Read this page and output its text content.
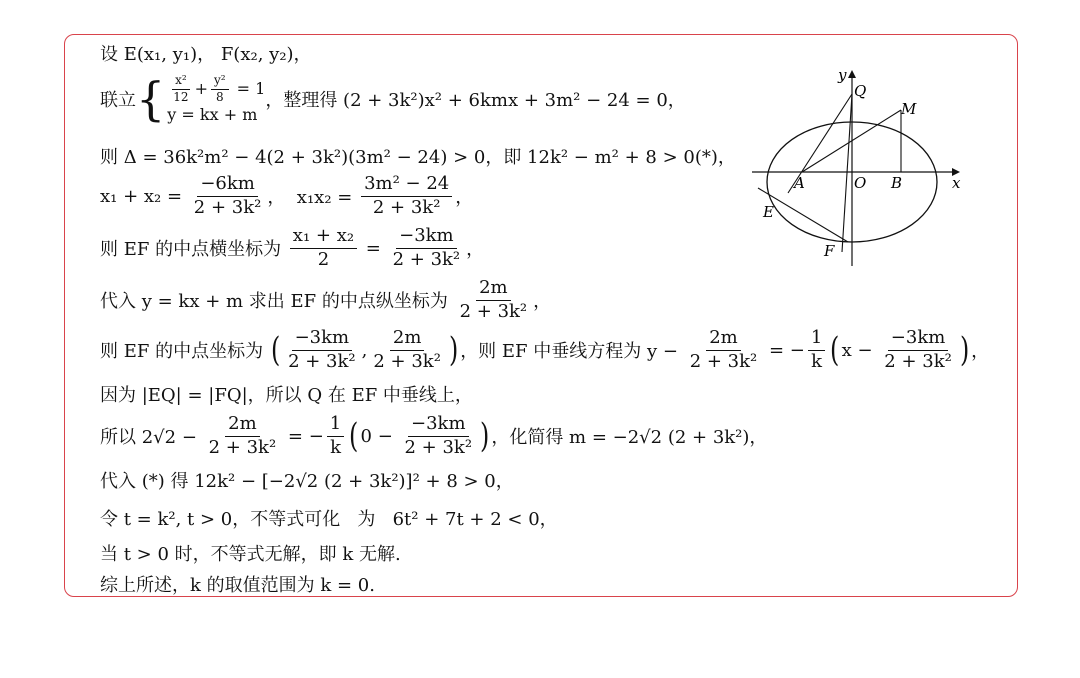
设 E(x₁, y₁)， F(x₂, y₂)，
联立 { $\frac{\text{x²}}{12} + \frac{\text{y²}}{8} = 1$
y = kx + m
，整理得 (2 + 3k²)x² + 6kmx + 3m² − 24 = 0，
则 Δ = 36k²m² − 4(2 + 3k²)(3m² − 24) > 0，即 12k² − m² + 8 > 0(*)，
$x_1 + x_2 = \frac{-6km}{\text{2 + 3k²}}$ ，  $x_1x_2 = \frac{\text{3m² − 24}}{\text{2 + 3k²}}$ ，
则 EF 的中点横坐标为 $\frac{\text{x₁ + x₂}}{2} = \frac{-3km}{\text{2 + 3k²}}$ ，
代入 y = kx + m 求出 EF 的中点纵坐标为 $\frac{2m}{\text{2 + 3k²}}$ ，
则 EF 的中点坐标为 ( $\frac{-3km}{\text{2 + 3k²}}$ , $\frac{2m}{\text{2 + 3k²}}$ ) ，则 EF 中垂线方程为 $y - \frac{2m}{\text{2 + 3k²}}$ = − $\frac{1}{k}$ ( $x - \frac{-3km}{\text{2 + 3k²}}$ ) ，
因为 |EQ| = |FQ|，所以 Q 在 EF 中垂线上，
所以 $2√2 - \frac{2m}{\text{2 + 3k²}}$ = − $\frac{1}{k}$ ( $0 - \frac{-3km}{\text{2 + 3k²}}$ ) ，化简得 m = −2√2 (2 + 3k²)，
代入 (*) 得 12k² − [−2√2 (2 + 3k²)]² + 8 > 0，
令 t = k², t > 0，不等式可化   为   6t² + 7t + 2 < 0，
当 t > 0 时，不等式无解，即 k 无解.
综上所述，k 的取值范围为 k = 0.
y
x
Q
M
A	O B
E
F
